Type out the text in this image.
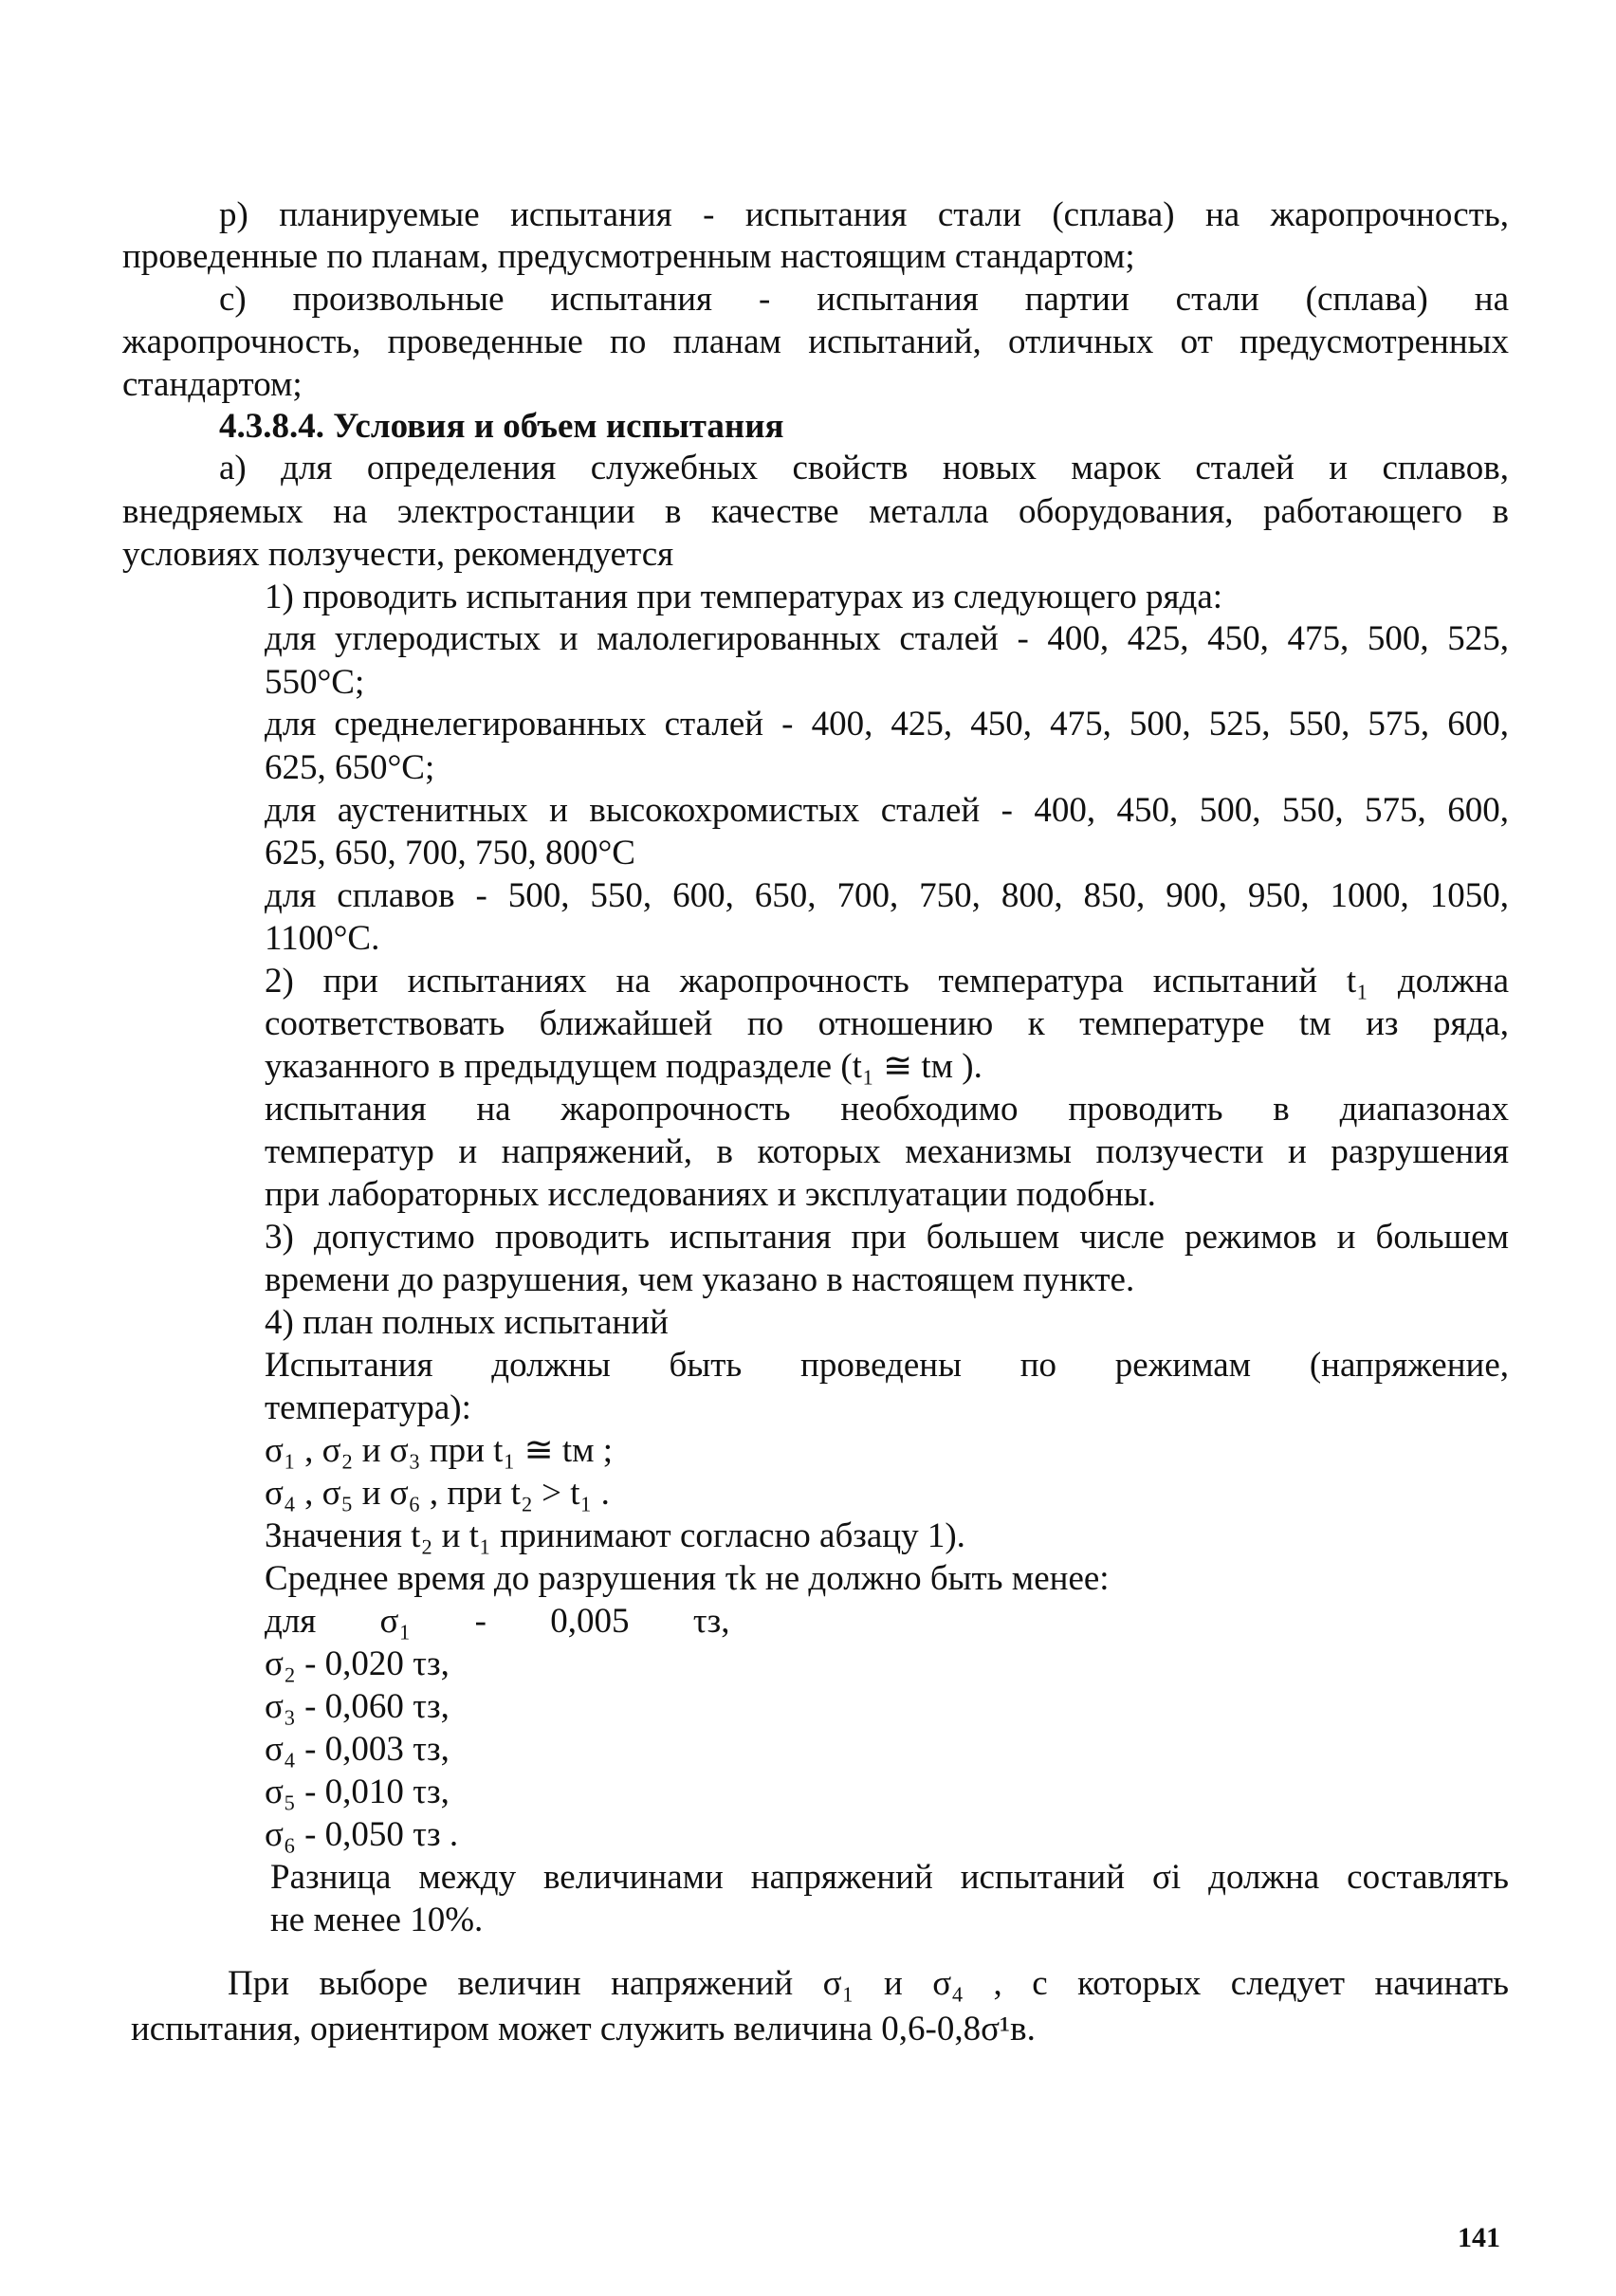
р) планируемые испытания - испытания стали (сплава) на жаропрочность,

проведенные по планам, предусмотренным настоящим стандартом;

с) произвольные испытания - испытания партии стали (сплава) на

жаропрочность, проведенные по планам испытаний, отличных от предусмотренных

стандартом;

4.3.8.4. Условия и объем испытания

а) для определения служебных свойств новых марок сталей и сплавов,

внедряемых на электростанции в качестве металла оборудования, работающего в

условиях ползучести, рекомендуется

1) проводить испытания при температурах из следующего ряда:

для углеродистых и малолегированных сталей - 400, 425, 450, 475, 500, 525,

550°С;

для среднелегированных сталей - 400, 425, 450, 475, 500, 525, 550, 575, 600,

625, 650°С;

для аустенитных и высокохромистых сталей - 400, 450, 500, 550, 575, 600,

625, 650, 700, 750, 800°С

для сплавов - 500, 550, 600, 650, 700, 750, 800, 850, 900, 950, 1000, 1050,

1100°С.

2) при испытаниях на жаропрочность температура испытаний t₁ должна

соответствовать ближайшей по отношению к температуре tм из ряда,

указанного в предыдущем подразделе (t₁ ≅ tм ).

испытания на жаропрочность необходимо проводить в диапазонах

температур и напряжений, в которых механизмы ползучести и разрушения

при лабораторных исследованиях и эксплуатации подобны.

3) допустимо проводить испытания при большем числе режимов и большем

времени до разрушения, чем указано в настоящем пункте.

4) план полных испытаний

Испытания должны быть проведены по режимам (напряжение,

температура):

σ₁ , σ₂ и σ₃ при t₁ ≅ tм ;

σ₄ , σ₅ и σ₆ , при t₂ > t₁ .

Значения t₂ и t₁ принимают согласно абзацу 1).

Среднее время до разрушения τk не должно быть менее:

для σ₁ - 0,005 τз,

σ₂ - 0,020 τз,

σ₃ - 0,060 τз,

σ₄ - 0,003 τз,

σ₅ - 0,010 τз,

σ₆ - 0,050 τз .

Разница между величинами напряжений испытаний σi должна составлять

не менее 10%.

При выборе величин напряжений σ₁ и σ₄ , с которых следует начинать

испытания, ориентиром может служить величина 0,6-0,8σ¹в.

141
